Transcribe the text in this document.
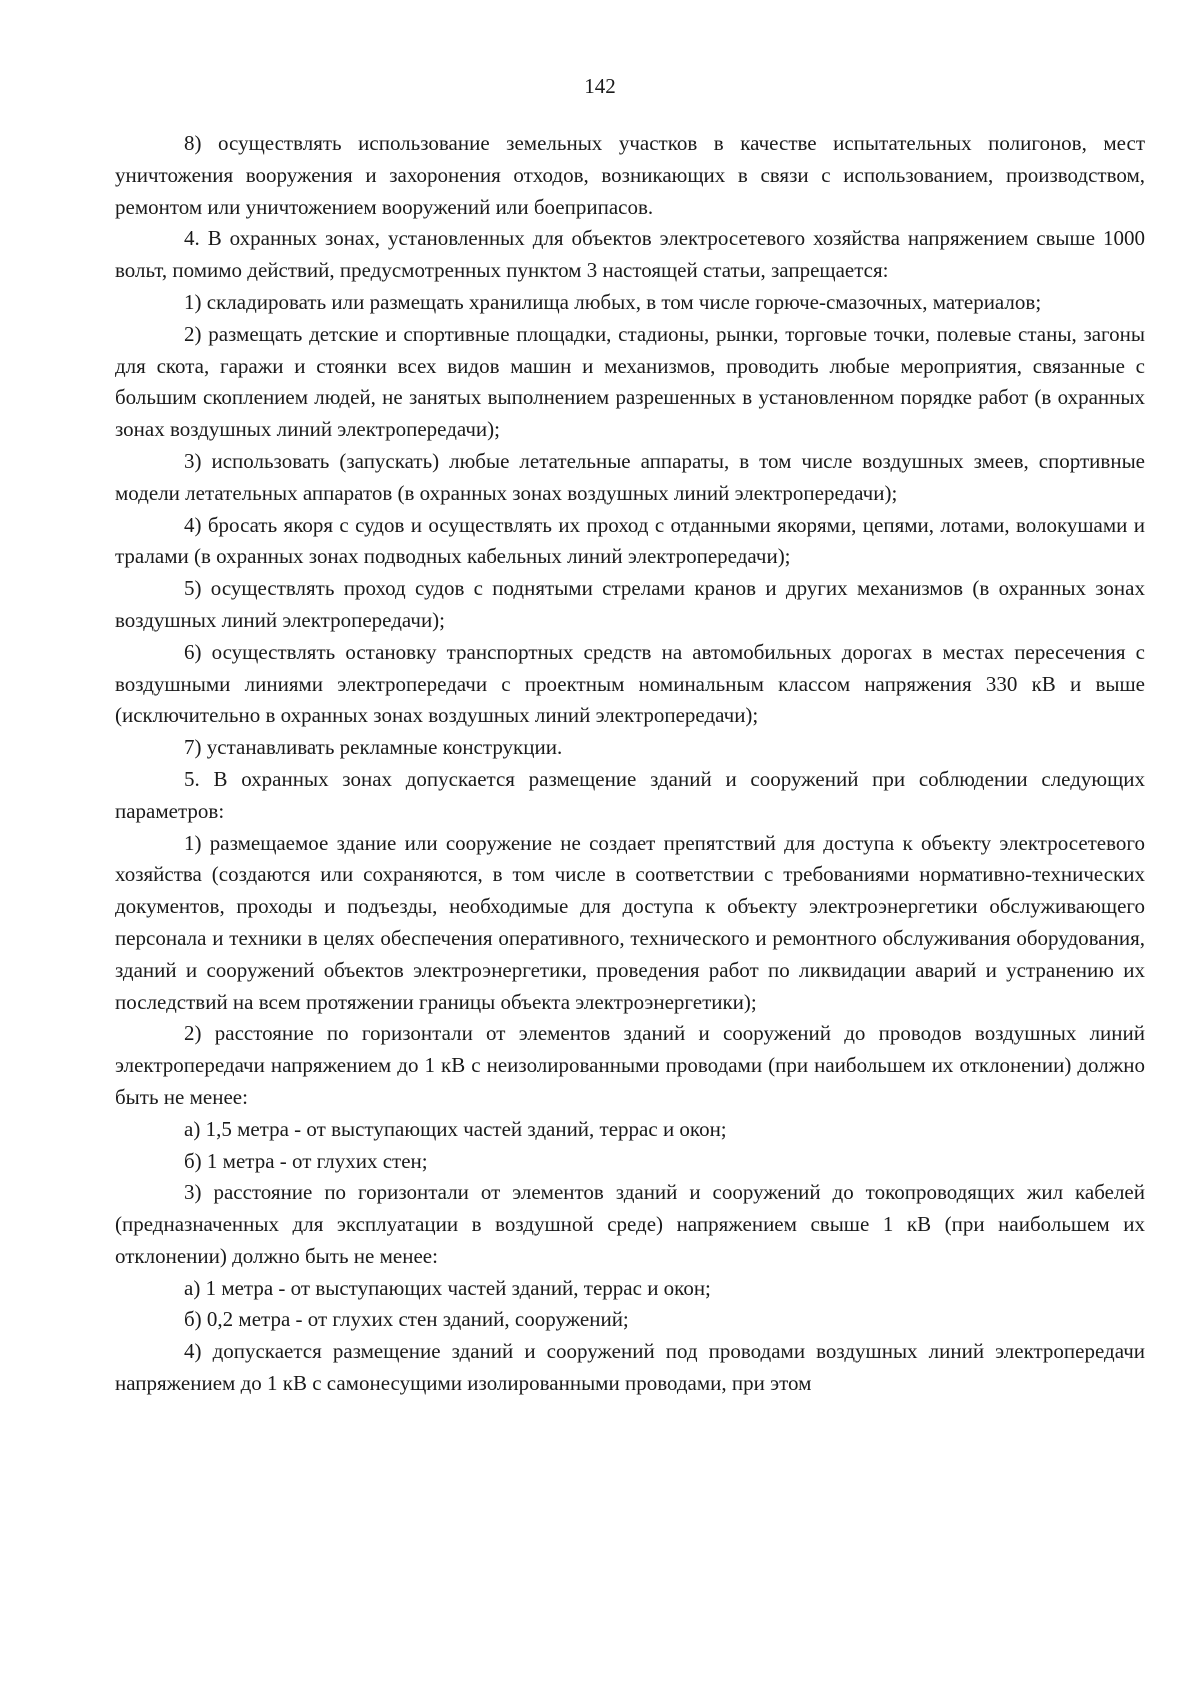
142

8) осуществлять использование земельных участков в качестве испытательных полигонов, мест уничтожения вооружения и захоронения отходов, возникающих в связи с использованием, производством, ремонтом или уничтожением вооружений или боеприпасов.

4. В охранных зонах, установленных для объектов электросетевого хозяйства напряжением свыше 1000 вольт, помимо действий, предусмотренных пунктом 3 настоящей статьи, запрещается:

1) складировать или размещать хранилища любых, в том числе горюче-смазочных, материалов;

2) размещать детские и спортивные площадки, стадионы, рынки, торговые точки, полевые станы, загоны для скота, гаражи и стоянки всех видов машин и механизмов, проводить любые мероприятия, связанные с большим скоплением людей, не занятых выполнением разрешенных в установленном порядке работ (в охранных зонах воздушных линий электропередачи);

3) использовать (запускать) любые летательные аппараты, в том числе воздушных змеев, спортивные модели летательных аппаратов (в охранных зонах воздушных линий электропередачи);

4) бросать якоря с судов и осуществлять их проход с отданными якорями, цепями, лотами, волокушами и тралами (в охранных зонах подводных кабельных линий электропередачи);

5) осуществлять проход судов с поднятыми стрелами кранов и других механизмов (в охранных зонах воздушных линий электропередачи);

6) осуществлять остановку транспортных средств на автомобильных дорогах в местах пересечения с воздушными линиями электропередачи с проектным номинальным классом напряжения 330 кВ и выше (исключительно в охранных зонах воздушных линий электропередачи);

7) устанавливать рекламные конструкции.

5. В охранных зонах допускается размещение зданий и сооружений при соблюдении следующих параметров:

1) размещаемое здание или сооружение не создает препятствий для доступа к объекту электросетевого хозяйства (создаются или сохраняются, в том числе в соответствии с требованиями нормативно-технических документов, проходы и подъезды, необходимые для доступа к объекту электроэнергетики обслуживающего персонала и техники в целях обеспечения оперативного, технического и ремонтного обслуживания оборудования, зданий и сооружений объектов электроэнергетики, проведения работ по ликвидации аварий и устранению их последствий на всем протяжении границы объекта электроэнергетики);

2) расстояние по горизонтали от элементов зданий и сооружений до проводов воздушных линий электропередачи напряжением до 1 кВ с неизолированными проводами (при наибольшем их отклонении) должно быть не менее:

а) 1,5 метра - от выступающих частей зданий, террас и окон;

б) 1 метра - от глухих стен;

3) расстояние по горизонтали от элементов зданий и сооружений до токопроводящих жил кабелей (предназначенных для эксплуатации в воздушной среде) напряжением свыше 1 кВ (при наибольшем их отклонении) должно быть не менее:

а) 1 метра - от выступающих частей зданий, террас и окон;

б) 0,2 метра - от глухих стен зданий, сооружений;

4) допускается размещение зданий и сооружений под проводами воздушных линий электропередачи напряжением до 1 кВ с самонесущими изолированными проводами, при этом
